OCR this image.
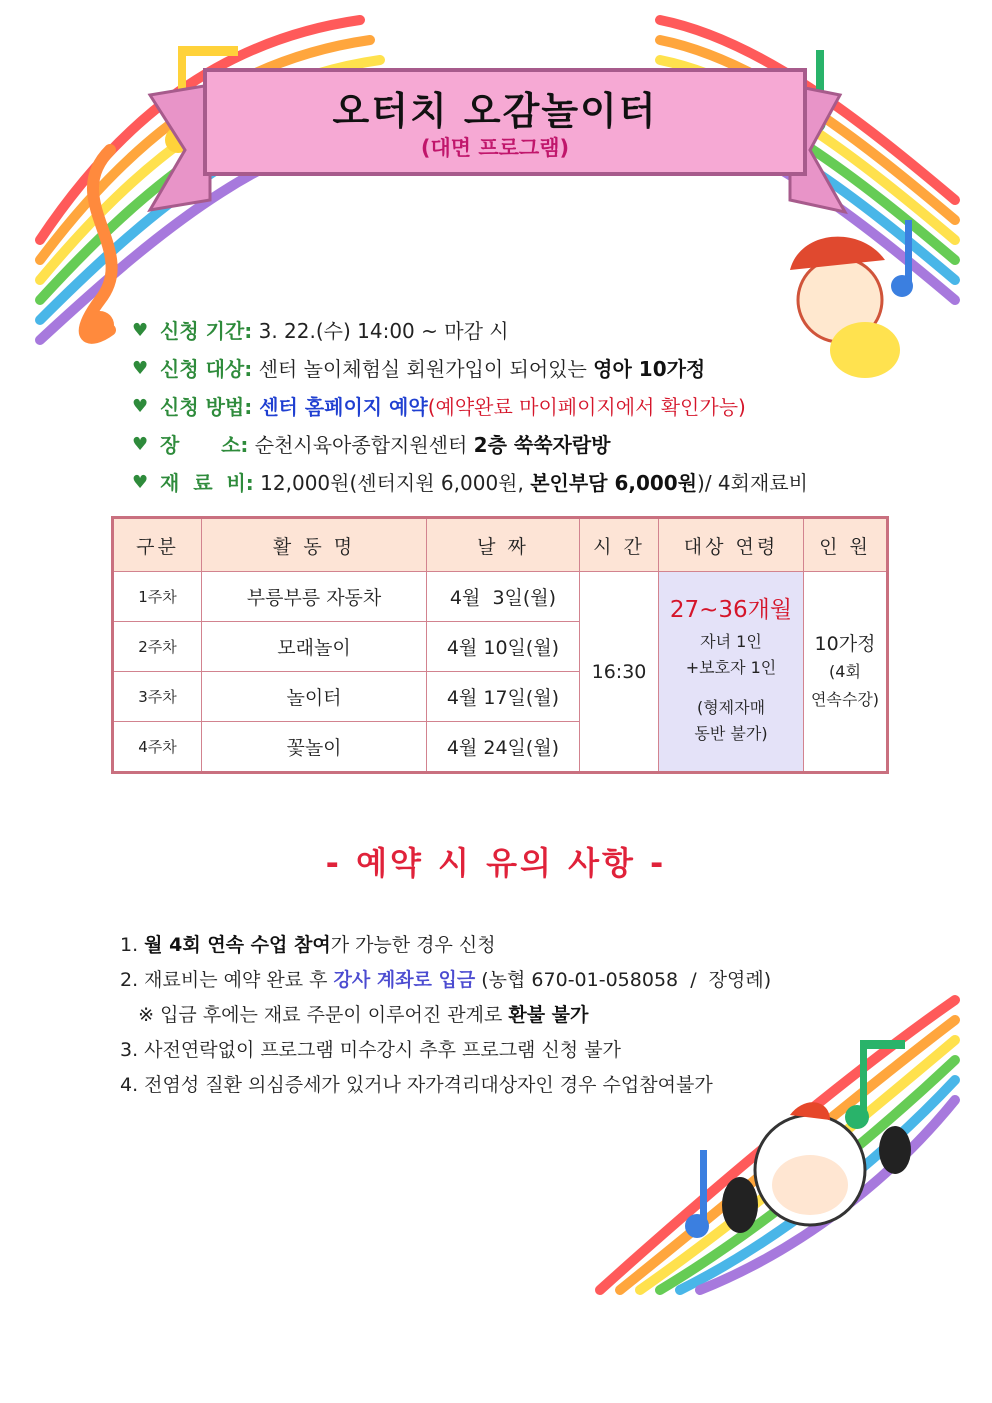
오터치 오감놀이터
(대면 프로그램)
♥ 신청 기간: 3. 22.(수) 14:00 ~ 마감 시
♥ 신청 대상: 센터 놀이체험실 회원가입이 되어있는 영아 10가정
♥ 신청 방법: 센터 홈페이지 예약 (예약완료 마이페이지에서 확인가능)
♥ 장      소: 순천시육아종합지원센터 2층 쑥쑥자람방
♥ 재  료  비: 12,000원(센터지원 6,000원, 본인부담 6,000원 )/ 4회재료비
구분	활 동 명	날 짜	시 간	대상 연령	인 원
1주차	부릉부릉 자동차	4월  3일(월)	16:30	27~36개월
자녀 1인
+보호자 1인
(형제자매
동반 불가)	10가정
(4회
연속수강)

2주차	모래놀이	4월 10일(월)			
3주차	놀이터	4월 17일(월)			
4주차	꽃놀이	4월 24일(월)			
- 예약 시 유의 사항 -
1. 월 4회 연속 수업 참여가 가능한 경우 신청
2. 재료비는 예약 완료 후 강사 계좌로 입금 (농협 670-01-058058  /  장영례)
※ 입금 후에는 재료 주문이 이루어진 관계로 환불 불가
3. 사전연락없이 프로그램 미수강시 추후 프로그램 신청 불가
4. 전염성 질환 의심증세가 있거나 자가격리대상자인 경우 수업참여불가
